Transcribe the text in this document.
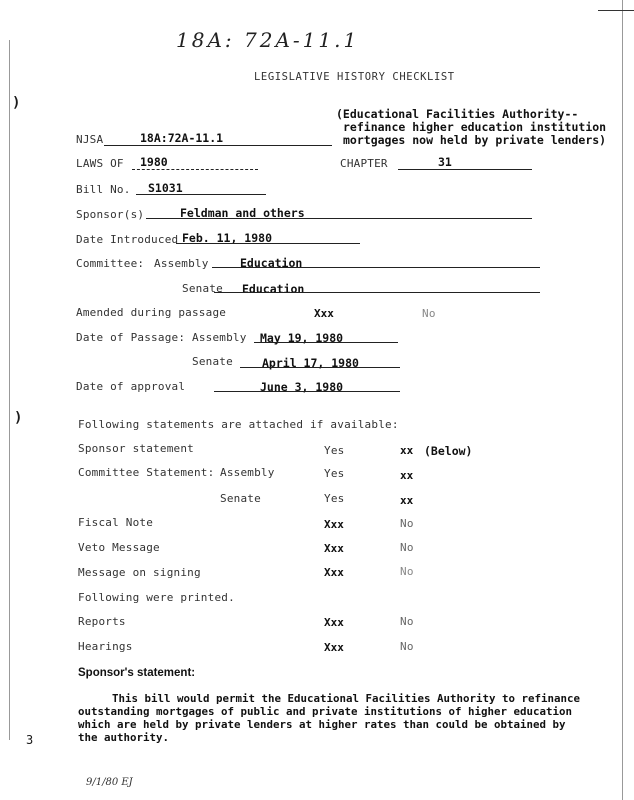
)
)
3
18A: 72A-11.1
LEGISLATIVE HISTORY CHECKLIST
(Educational Facilities Authority--
refinance higher education institution
mortgages now held by private lenders)
NJSA	18A:72A-11.1
LAWS OF 1980	CHAPTER	31
Bill No. S1031
Sponsor(s)	Feldman and others
Date Introduced Feb. 11, 1980
Committee: Assembly	Education
Senate Education
Amended during passage	Xxx	No
Date of Passage: Assembly May 19, 1980
Senate	April 17, 1980
Date of approval	June 3, 1980
Following statements are attached if available:
Sponsor statement	Yes	xx (Below)
Committee Statement: Assembly	Yes	xx
Senate	Yes	xx
Fiscal Note	Xxx	No
Veto Message	Xxx	No
Message on signing	Xxx	No
Following were printed.
Reports	Xxx	No
Hearings	Xxx	No
Sponsor's statement:
This bill would permit the Educational Facilities Authority to refinance
outstanding mortgages of public and private institutions of higher education
which are held by private lenders at higher rates than could be obtained by
the authority.
9/1/80 EJ
